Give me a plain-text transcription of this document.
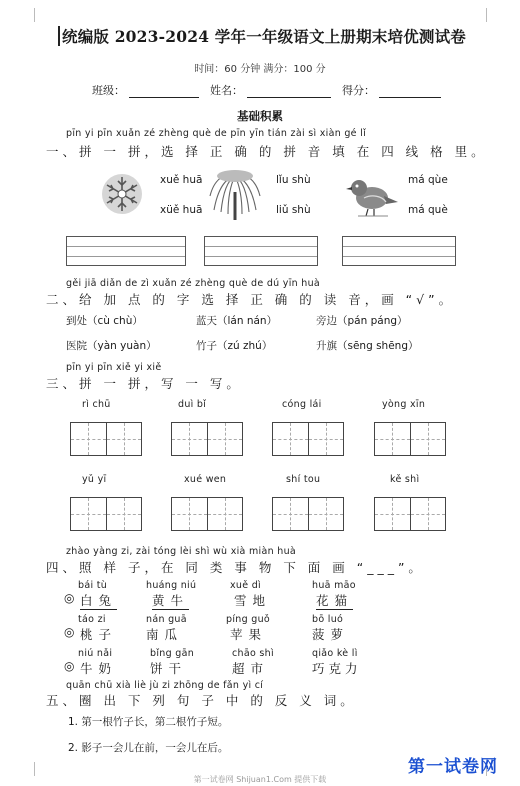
统编版 2023-2024 学年一年级语文上册期末培优测试卷
时间：60 分钟 满分：100 分
班级：	姓名：	得分：
基础积累
pīn yi pīn xuǎn zé zhèng què de pīn yīn tián zài sì xiàn gé lǐ
一、拼 一 拼，选 择 正 确 的 拼 音 填 在 四 线 格 里。
xuě huā
xüě huā
lǐu shù
liǔ shù
má qùe
má què
gěi jiā diǎn de zì xuǎn zé zhèng què de dú yīn huà
二、给 加 点 的 字 选 择 正 确 的 读 音，画 “√”。
到处（cù chù）	蓝天（lán nán）	旁边（pán páng）
医院（yàn yuàn）	竹子（zú zhú）	升旗（sēng shēng）
pīn yi pīn xiě yi xiě
三、拼 一 拼，写 一 写。
rì chū	duì bǐ	cóng lái	yòng xīn
yǔ yī	xué wen	shí tou	kě shì
zhào yàng zi, zài tóng lèi shì wù xià miàn huà
四、照 样 子，在 同 类 事 物 下 面 画 “___”。
bái tù	huáng niú	xuě dì	huā māo
◎ 白兔	黄牛	雪地	花猫
táo zi	nán guā	píng guǒ	bō luó
◎ 桃子 南瓜	苹果	菠萝
niú nǎi	bǐng gān	chāo shì	qiǎo kè lì
◎ 牛奶	饼干	超市	巧克力
quān chū xià liè jù zi zhōng de fǎn yì cí
五、圈 出 下 列 句 子 中 的 反 义 词。
1. 第一根竹子长，第二根竹子短。
2. 影子一会儿在前，一会儿在后。
第一试卷网
第一试卷网 Shijuan1.Com 提供下载
